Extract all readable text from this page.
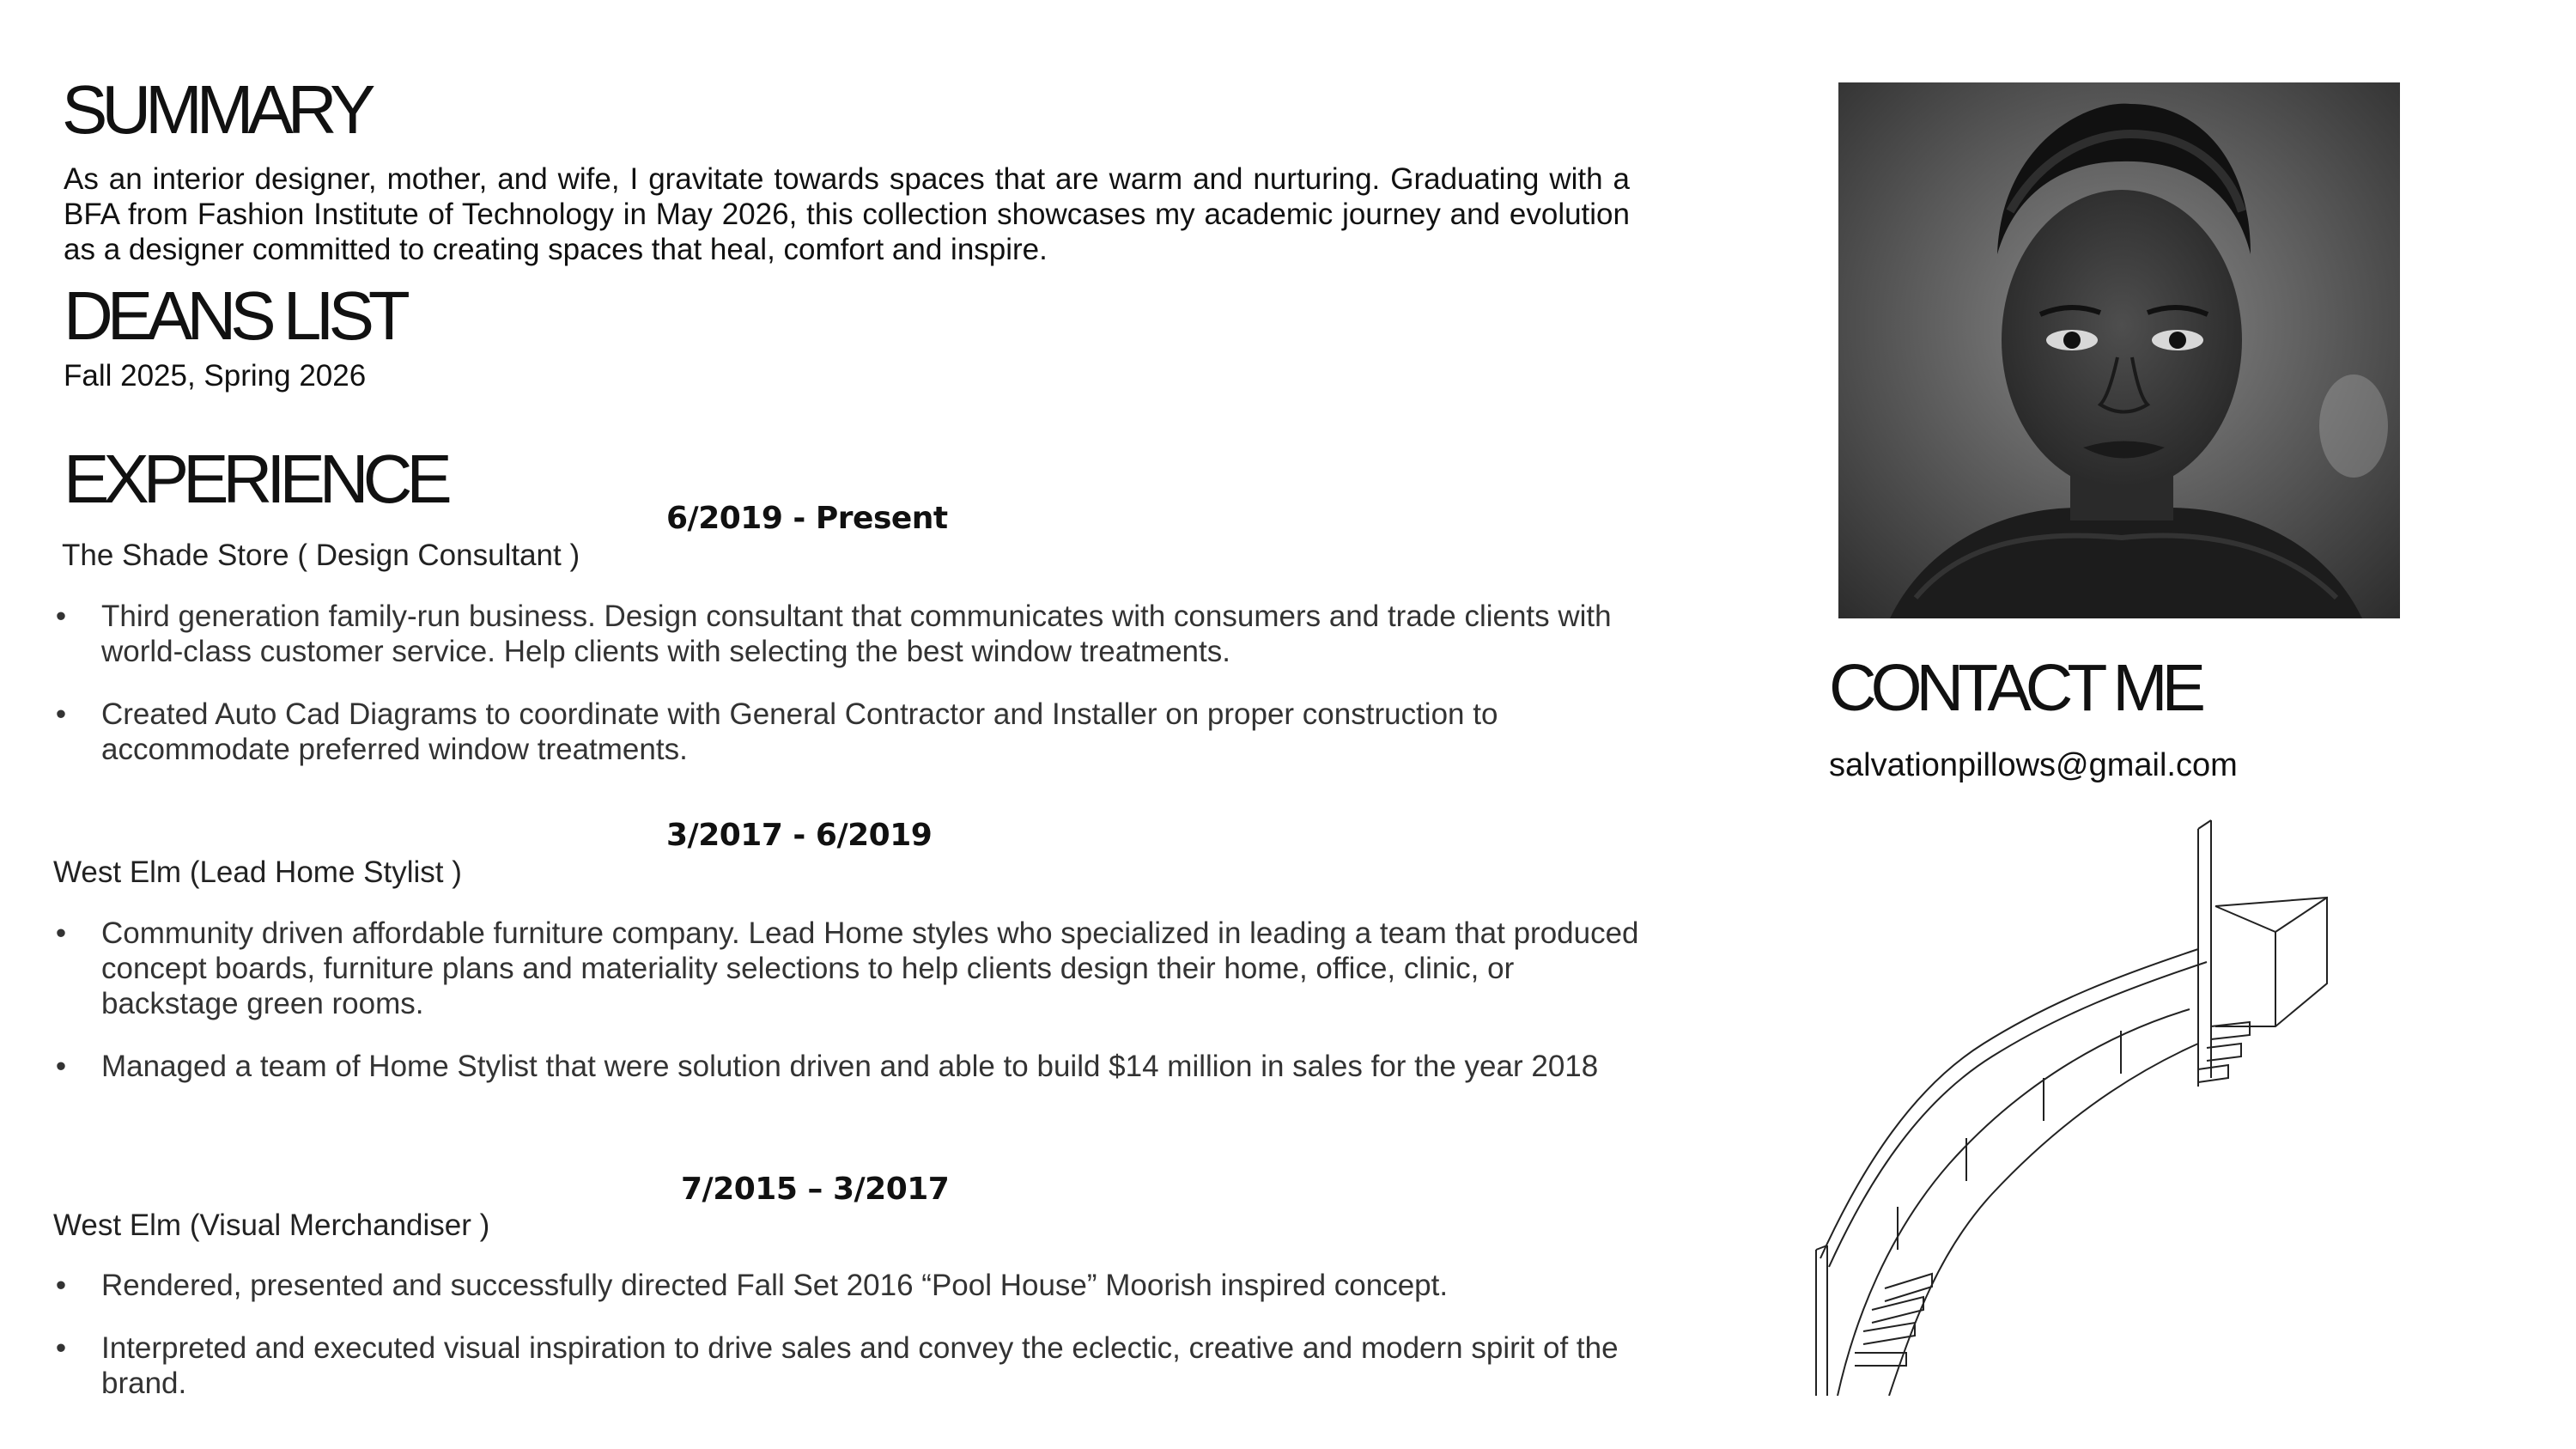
SUMMARY

As an interior designer, mother, and wife, I gravitate towards spaces that are warm and nurturing. Graduating with a BFA from Fashion Institute of Technology in May 2026, this collection showcases my academic journey and evolution as a designer committed to creating spaces that heal, comfort and inspire.

DEANS LIST

Fall 2025, Spring 2026

EXPERIENCE

6/2019 - Present

The Shade Store ( Design Consultant )

• Third generation family-run business. Design consultant that communicates with consumers and trade clients with world-class customer service. Help clients with selecting the best window treatments.
• Created Auto Cad Diagrams to coordinate with General Contractor and Installer on proper construction to accommodate preferred window treatments.

3/2017 - 6/2019

West Elm (Lead Home Stylist )

• Community driven affordable furniture company. Lead Home styles who specialized in leading a team that produced concept boards, furniture plans and materiality selections to help clients design their home, office, clinic, or backstage green rooms.
• Managed a team of Home Stylist that were solution driven and able to build $14 million in sales for the year 2018

7/2015 – 3/2017

West Elm (Visual Merchandiser )

• Rendered, presented and successfully directed Fall Set 2016 “Pool House” Moorish inspired concept.
• Interpreted and executed visual inspiration to drive sales and convey the eclectic, creative and modern spirit of the brand.
CONTACT ME

salvationpillows@gmail.com
